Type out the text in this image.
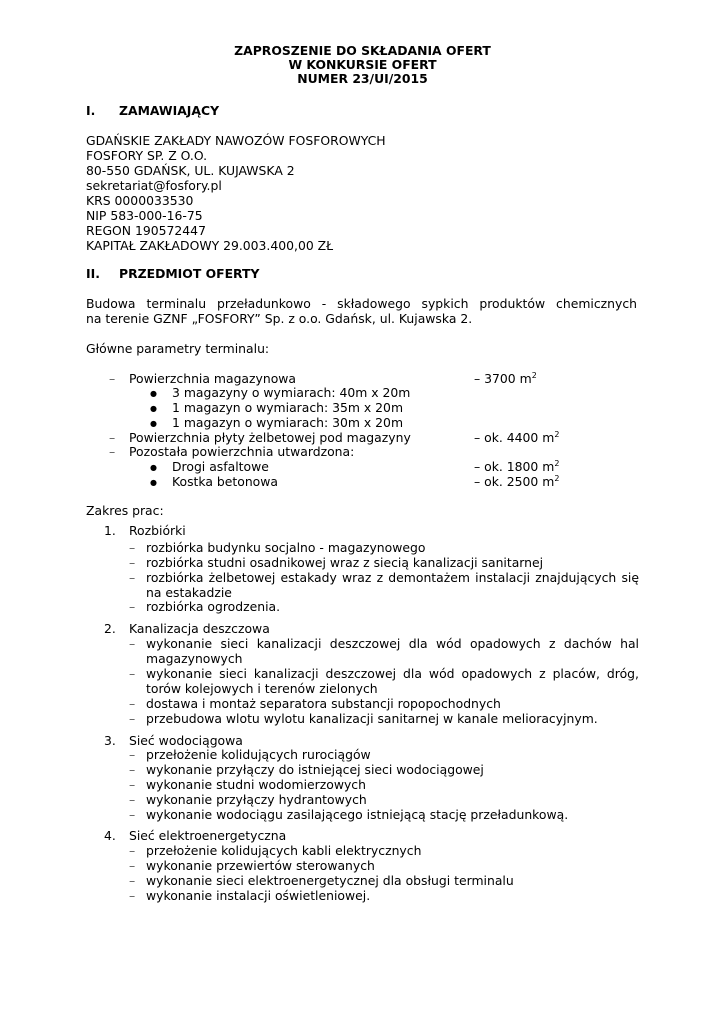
ZAPROSZENIE DO SKŁADANIA OFERT
W KONKURSIE OFERT
NUMER 23/UI/2015
I. ZAMAWIAJĄCY
GDAŃSKIE ZAKŁADY NAWOZÓW FOSFOROWYCH
FOSFORY SP. Z O.O.
80-550 GDAŃSK, UL. KUJAWSKA 2
sekretariat@fosfory.pl
KRS 0000033530
NIP 583-000-16-75
REGON 190572447
KAPITAŁ ZAKŁADOWY 29.003.400,00 ZŁ
II. PRZEDMIOT OFERTY
Budowa terminalu przeładunkowo - składowego sypkich produktów chemicznych
na terenie GZNF „FOSFORY” Sp. z o.o. Gdańsk, ul. Kujawska 2.
Główne parametry terminalu:
– Powierzchnia magazynowa	– 3700 $m^2$
● 3 magazyny o wymiarach: 40m x 20m
● 1 magazyn o wymiarach: 35m x 20m
● 1 magazyn o wymiarach: 30m x 20m
– Powierzchnia płyty żelbetowej pod magazyny	– ok. 4400 $m^2$
– Pozostała powierzchnia utwardzona:
● Drogi asfaltowe	– ok. 1800 $m^2$
● Kostka betonowa	– ok. 2500 $m^2$
Zakres prac:
1. Rozbiórki
– rozbiórka budynku socjalno - magazynowego
– rozbiórka studni osadnikowej wraz z siecią kanalizacji sanitarnej
– rozbiórka żelbetowej estakady wraz z demontażem instalacji znajdujących się
na estakadzie
– rozbiórka ogrodzenia.
2. Kanalizacja deszczowa
– wykonanie sieci kanalizacji deszczowej dla wód opadowych z dachów hal
magazynowych
– wykonanie sieci kanalizacji deszczowej dla wód opadowych z placów, dróg,
torów kolejowych i terenów zielonych
– dostawa i montaż separatora substancji ropopochodnych
– przebudowa wlotu wylotu kanalizacji sanitarnej w kanale melioracyjnym.
3. Sieć wodociągowa
– przełożenie kolidujących rurociągów
– wykonanie przyłączy do istniejącej sieci wodociągowej
– wykonanie studni wodomierzowych
– wykonanie przyłączy hydrantowych
– wykonanie wodociągu zasilającego istniejącą stację przeładunkową.
4. Sieć elektroenergetyczna
– przełożenie kolidujących kabli elektrycznych
– wykonanie przewiertów sterowanych
– wykonanie sieci elektroenergetycznej dla obsługi terminalu
– wykonanie instalacji oświetleniowej.
